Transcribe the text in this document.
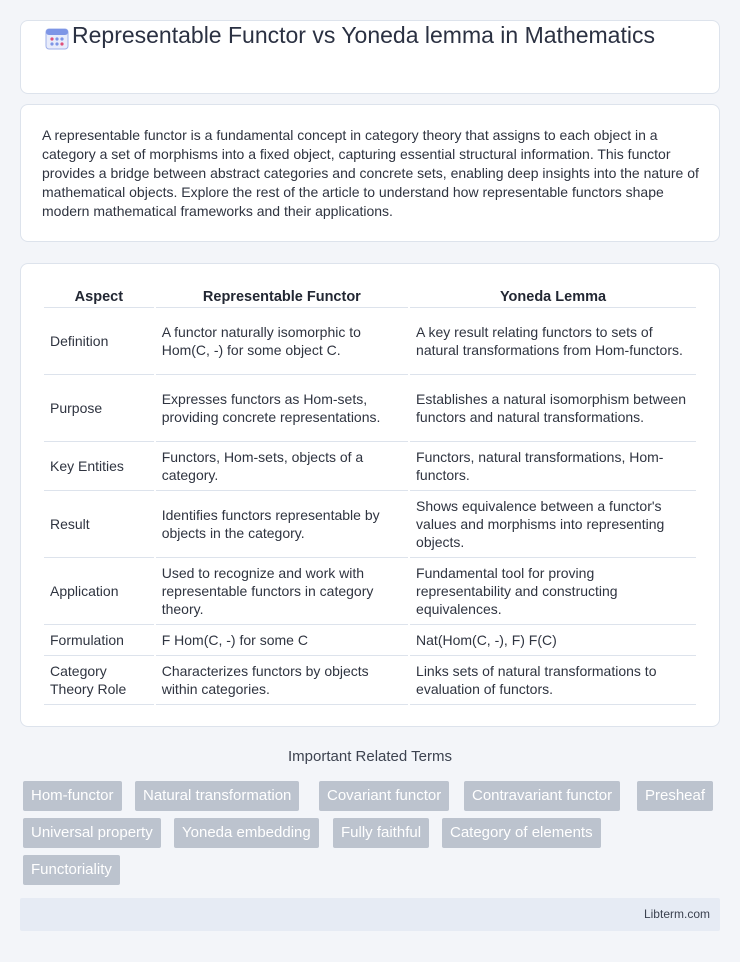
Representable Functor vs Yoneda lemma in Mathematics

A representable functor is a fundamental concept in category theory that assigns to each object in a category a set of morphisms into a fixed object, capturing essential structural information. This functor provides a bridge between abstract categories and concrete sets, enabling deep insights into the nature of mathematical objects. Explore the rest of the article to understand how representable functors shape modern mathematical frameworks and their applications.

Aspect	Representable Functor	Yoneda Lemma
Definition	A functor naturally isomorphic to Hom(C, -) for some object C.	A key result relating functors to sets of natural transformations from Hom-functors.
Purpose	Expresses functors as Hom-sets, providing concrete representations.	Establishes a natural isomorphism between functors and natural transformations.
Key Entities	Functors, Hom-sets, objects of a category.	Functors, natural transformations, Hom-functors.
Result	Identifies functors representable by objects in the category.	Shows equivalence between a functor's values and morphisms into representing objects.
Application	Used to recognize and work with representable functors in category theory.	Fundamental tool for proving representability and constructing equivalences.
Formulation	F Hom(C, -) for some C	Nat(Hom(C, -), F) F(C)
Category Theory Role	Characterizes functors by objects within categories.	Links sets of natural transformations to evaluation of functors.
Important Related Terms
Hom-functor	Natural transformation	Covariant functor	Contravariant functor	Presheaf
Universal property	Yoneda embedding	Fully faithful	Category of elements
Functoriality
Libterm.com
